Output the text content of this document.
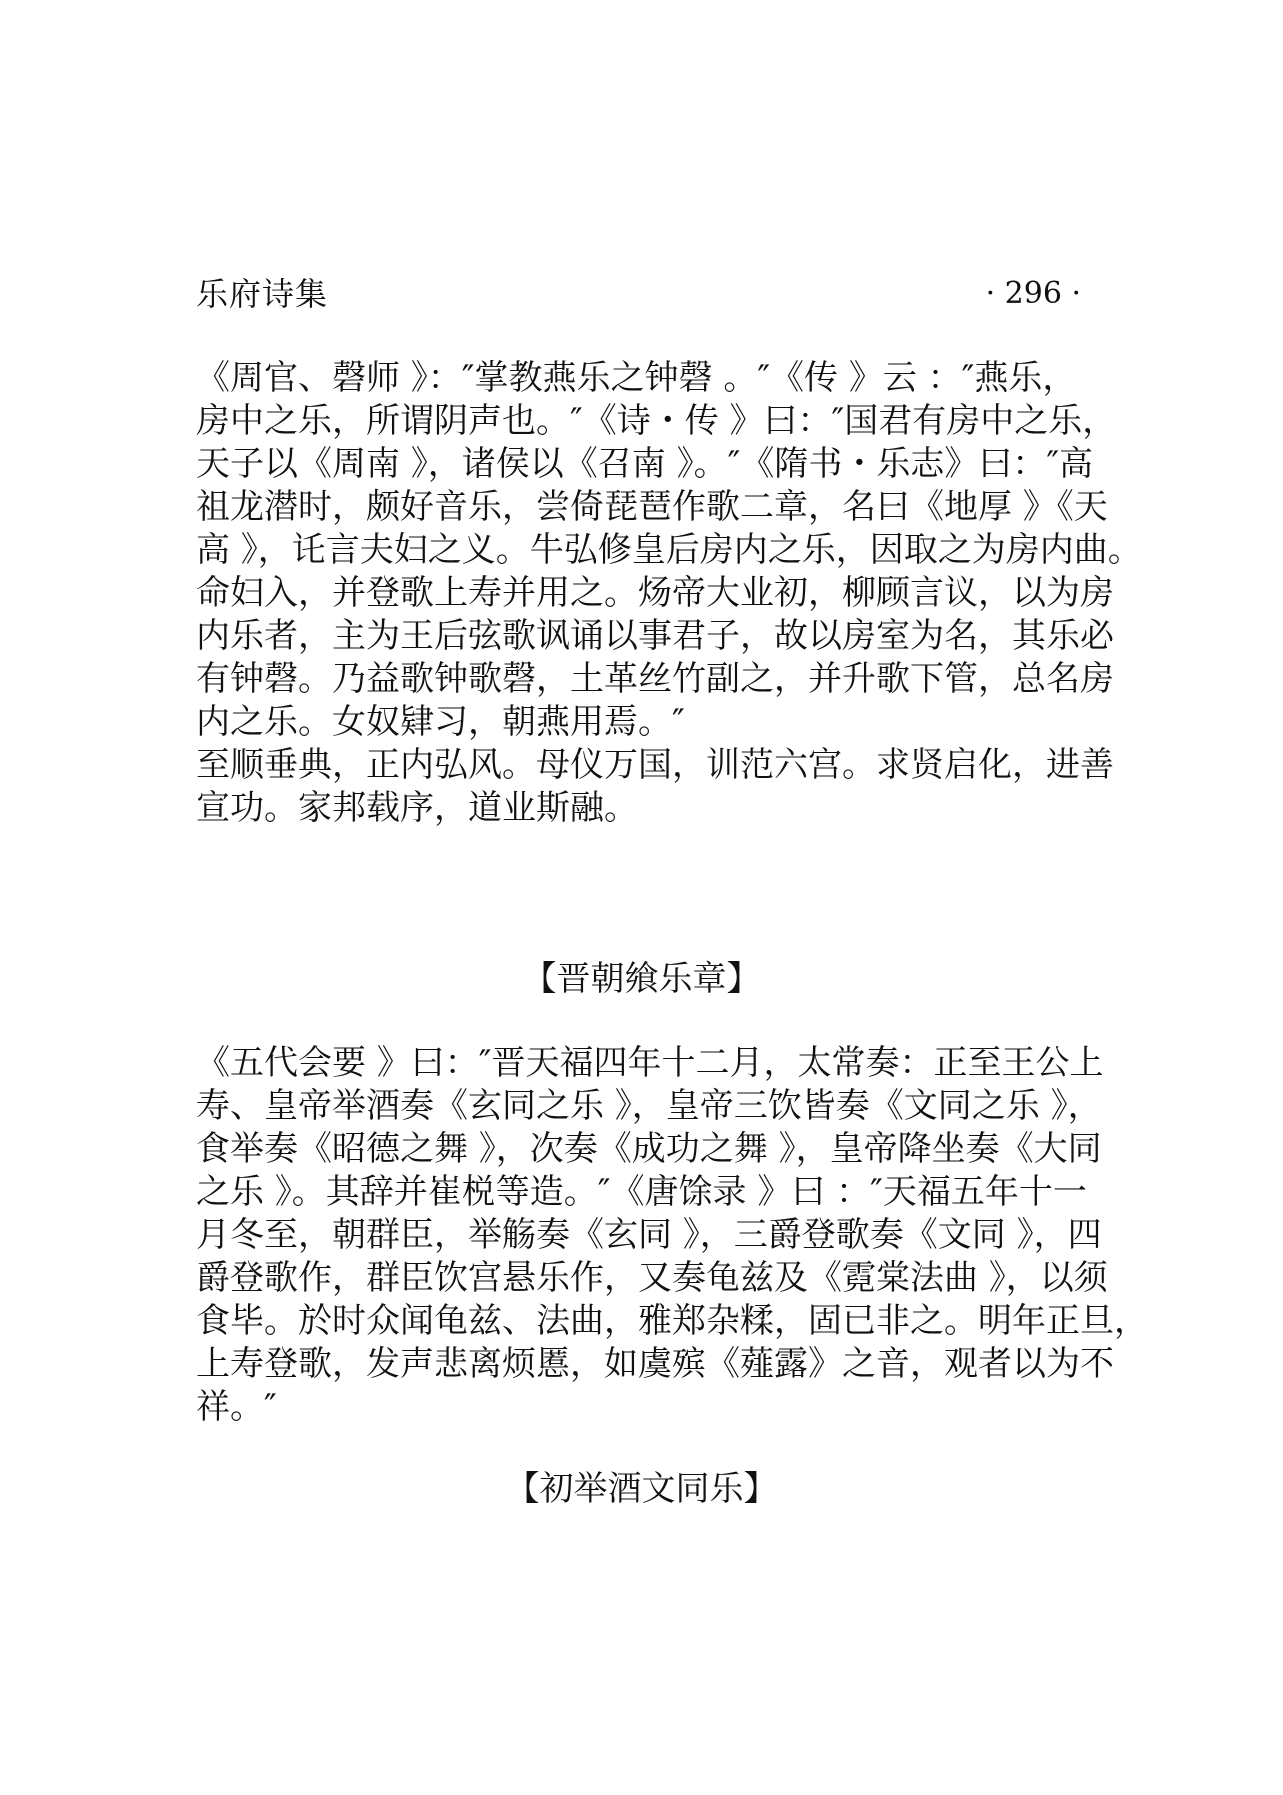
乐府诗集	· 296 ·
《周官、磬师 》：″掌教燕乐之钟磬 。″《传 》云 ：″燕乐，
房中之乐，所谓阴声也。″《诗・传 》曰：″国君有房中之乐，
天子以《周南 》，诸侯以《召南 》。″《隋书・乐志》曰：″高
祖龙潜时，颇好音乐，尝倚琵琶作歌二章，名曰《地厚 》《天
高 》，讬言夫妇之义。牛弘修皇后房内之乐，因取之为房内曲。
命妇入，并登歌上寿并用之。炀帝大业初，柳顾言议，以为房
内乐者，主为王后弦歌讽诵以事君子，故以房室为名，其乐必
有钟磬。乃益歌钟歌磬，土革丝竹副之，并升歌下管，总名房
内之乐。女奴肄习，朝燕用焉。″
至顺垂典，正内弘风。母仪万国，训范六宫。求贤启化，进善
宣功。家邦载序，道业斯融。
【晋朝飨乐章】
《五代会要 》曰：″晋天福四年十二月，太常奏：正至王公上
寿、皇帝举酒奏《玄同之乐 》，皇帝三饮皆奏《文同之乐 》，
食举奏《昭德之舞 》，次奏《成功之舞 》，皇帝降坐奏《大同
之乐 》。其辞并崔棁等造。″《唐馀录 》曰 ：″天福五年十一
月冬至，朝群臣，举觞奏《玄同 》，三爵登歌奏《文同 》，四
爵登歌作，群臣饮宫悬乐作，又奏龟兹及《霓棠法曲 》，以须
食毕。於时众闻龟兹、法曲，雅郑杂糅，固已非之。明年正旦，
上寿登歌，发声悲离烦慝，如虞殡《薤露》之音，观者以为不
祥。″
【初举酒文同乐】
